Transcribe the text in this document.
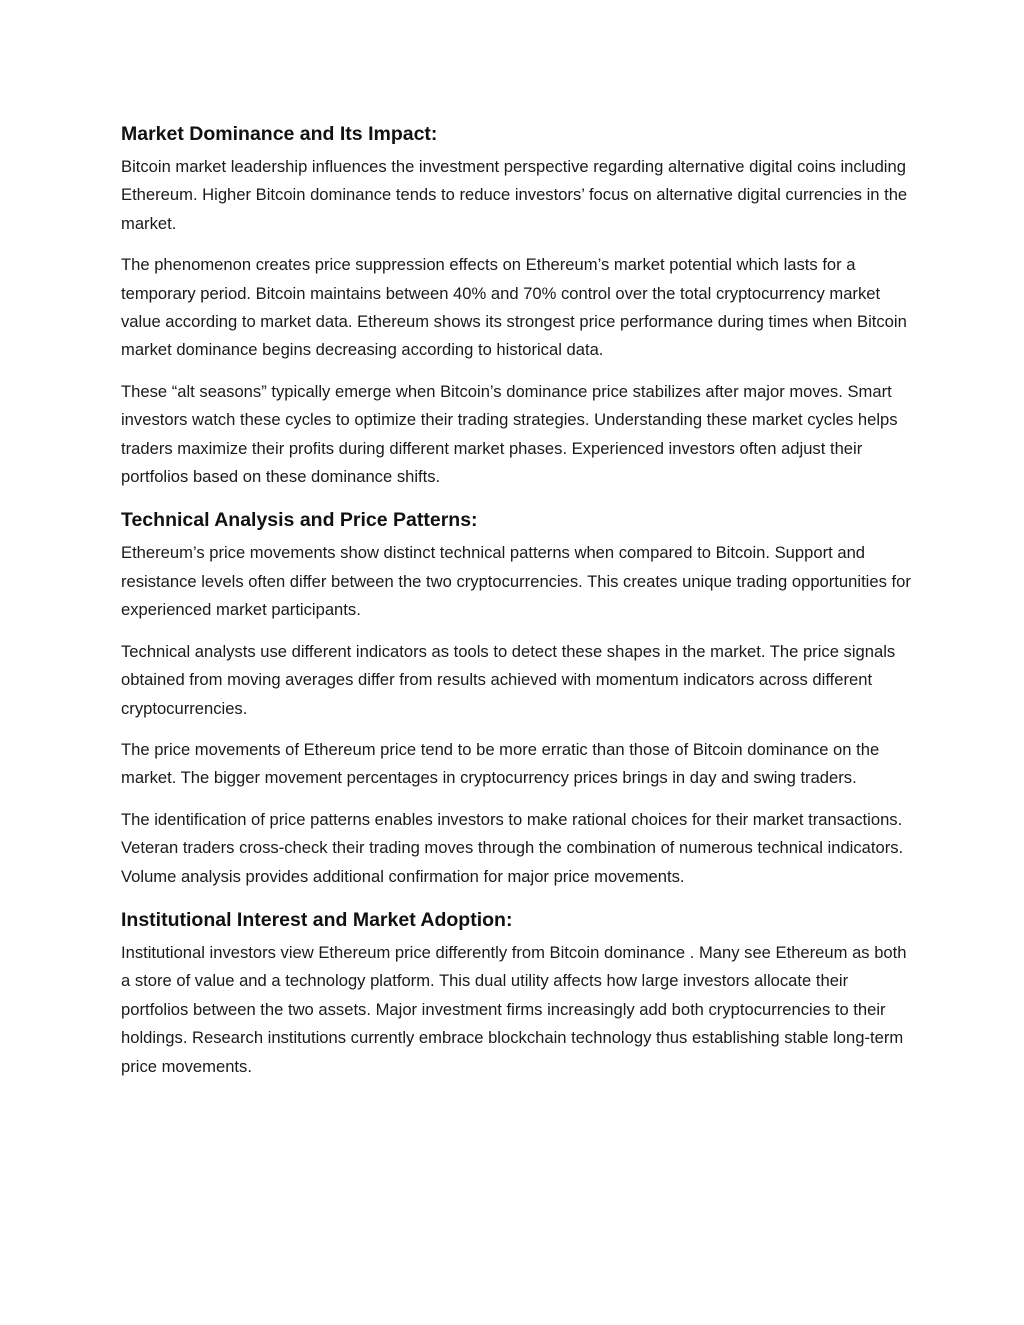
Market Dominance and Its Impact:

Bitcoin market leadership influences the investment perspective regarding alternative digital coins including Ethereum. Higher Bitcoin dominance tends to reduce investors’ focus on alternative digital currencies in the market.

The phenomenon creates price suppression effects on Ethereum’s market potential which lasts for a temporary period. Bitcoin maintains between 40% and 70% control over the total cryptocurrency market value according to market data. Ethereum shows its strongest price performance during times when Bitcoin market dominance begins decreasing according to historical data.

These “alt seasons” typically emerge when Bitcoin’s dominance price stabilizes after major moves. Smart investors watch these cycles to optimize their trading strategies. Understanding these market cycles helps traders maximize their profits during different market phases. Experienced investors often adjust their portfolios based on these dominance shifts.

Technical Analysis and Price Patterns:

Ethereum’s price movements show distinct technical patterns when compared to Bitcoin. Support and resistance levels often differ between the two cryptocurrencies. This creates unique trading opportunities for experienced market participants.

Technical analysts use different indicators as tools to detect these shapes in the market. The price signals obtained from moving averages differ from results achieved with momentum indicators across different cryptocurrencies.

The price movements of Ethereum price tend to be more erratic than those of Bitcoin dominance on the market. The bigger movement percentages in cryptocurrency prices brings in day and swing traders.

The identification of price patterns enables investors to make rational choices for their market transactions. Veteran traders cross-check their trading moves through the combination of numerous technical indicators. Volume analysis provides additional confirmation for major price movements.

Institutional Interest and Market Adoption:

Institutional investors view Ethereum price differently from Bitcoin dominance . Many see Ethereum as both a store of value and a technology platform. This dual utility affects how large investors allocate their portfolios between the two assets. Major investment firms increasingly add both cryptocurrencies to their holdings. Research institutions currently embrace blockchain technology thus establishing stable long-term price movements.
